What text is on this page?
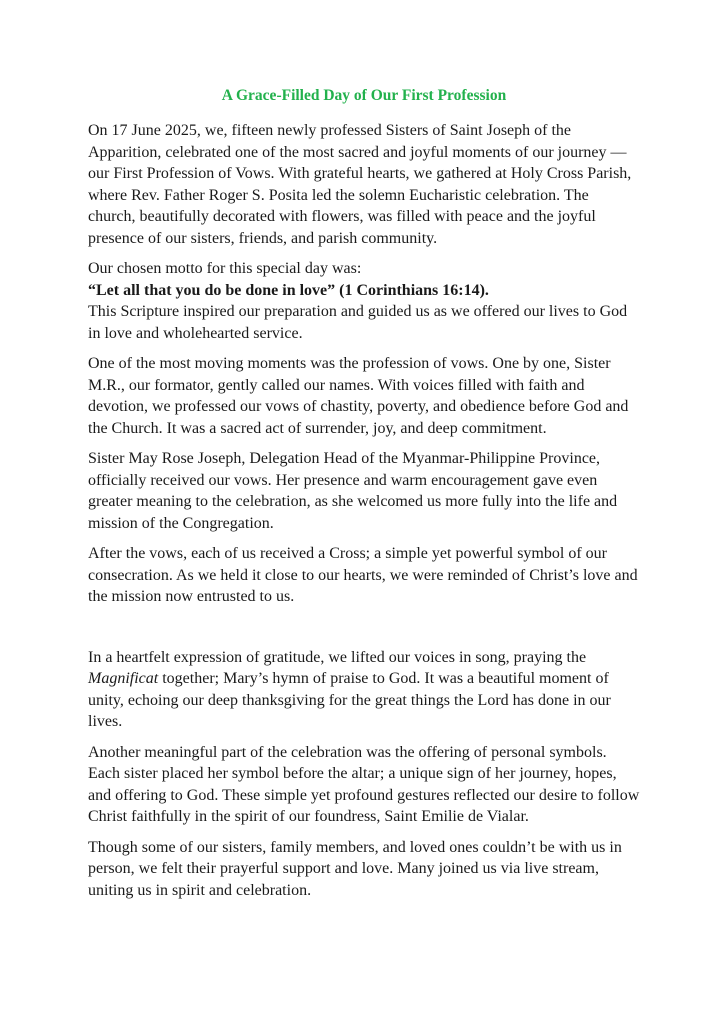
A Grace-Filled Day of Our First Profession

On 17 June 2025, we, fifteen newly professed Sisters of Saint Joseph of the Apparition, celebrated one of the most sacred and joyful moments of our journey — our First Profession of Vows. With grateful hearts, we gathered at Holy Cross Parish, where Rev. Father Roger S. Posita led the solemn Eucharistic celebration. The church, beautifully decorated with flowers, was filled with peace and the joyful presence of our sisters, friends, and parish community.

Our chosen motto for this special day was:
“Let all that you do be done in love” (1 Corinthians 16:14).
This Scripture inspired our preparation and guided us as we offered our lives to God in love and wholehearted service.

One of the most moving moments was the profession of vows. One by one, Sister M.R., our formator, gently called our names. With voices filled with faith and devotion, we professed our vows of chastity, poverty, and obedience before God and the Church. It was a sacred act of surrender, joy, and deep commitment.

Sister May Rose Joseph, Delegation Head of the Myanmar-Philippine Province, officially received our vows. Her presence and warm encouragement gave even greater meaning to the celebration, as she welcomed us more fully into the life and mission of the Congregation.

After the vows, each of us received a Cross; a simple yet powerful symbol of our consecration. As we held it close to our hearts, we were reminded of Christ’s love and the mission now entrusted to us.

In a heartfelt expression of gratitude, we lifted our voices in song, praying the Magnificat together; Mary’s hymn of praise to God. It was a beautiful moment of unity, echoing our deep thanksgiving for the great things the Lord has done in our lives.

Another meaningful part of the celebration was the offering of personal symbols. Each sister placed her symbol before the altar; a unique sign of her journey, hopes, and offering to God. These simple yet profound gestures reflected our desire to follow Christ faithfully in the spirit of our foundress, Saint Emilie de Vialar.

Though some of our sisters, family members, and loved ones couldn’t be with us in person, we felt their prayerful support and love. Many joined us via live stream, uniting us in spirit and celebration.
